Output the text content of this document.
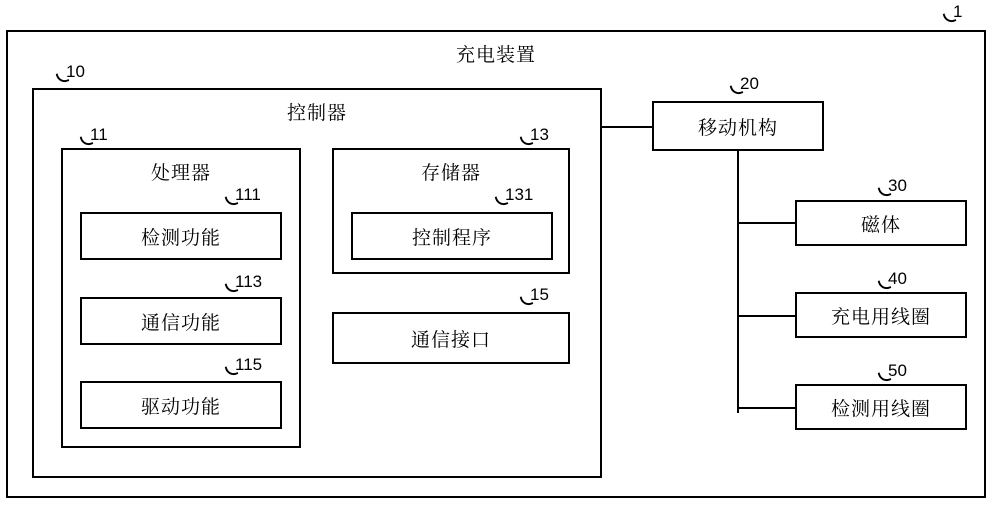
1
充电装置
10
控制器
11
处理器
111
检测功能
113
通信功能
115
驱动功能
13
存储器
131
控制程序
15
通信接口
20
移动机构
30
磁体
40
充电用线圈
50
检测用线圈
